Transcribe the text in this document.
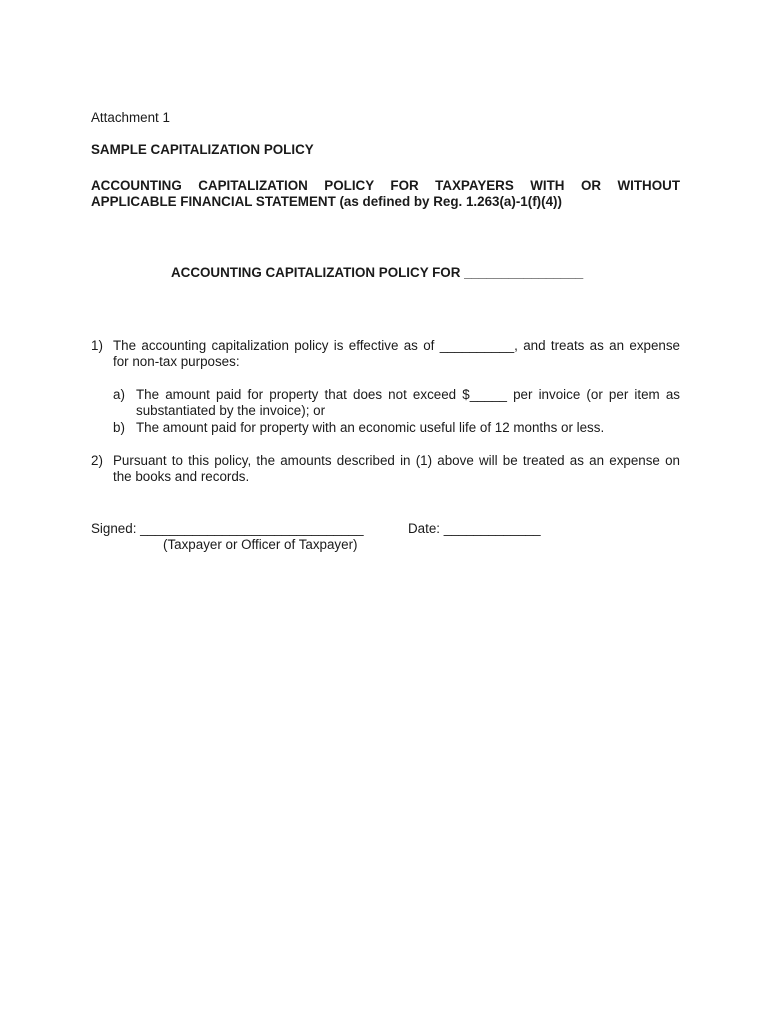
Attachment 1
SAMPLE CAPITALIZATION POLICY
ACCOUNTING CAPITALIZATION POLICY FOR TAXPAYERS WITH OR WITHOUT
APPLICABLE FINANCIAL STATEMENT (as defined by Reg. 1.263(a)-1(f)(4))
ACCOUNTING CAPITALIZATION POLICY FOR ________________
1) The accounting capitalization policy is effective as of __________, and treats as an expense
for non-tax purposes:
a) The amount paid for property that does not exceed $_____ per invoice (or per item as
substantiated by the invoice); or
b) The amount paid for property with an economic useful life of 12 months or less.
2) Pursuant to this policy, the amounts described in (1) above will be treated as an expense on
the books and records.
Signed: ______________________________
(Taxpayer or Officer of Taxpayer)
Date: _____________
